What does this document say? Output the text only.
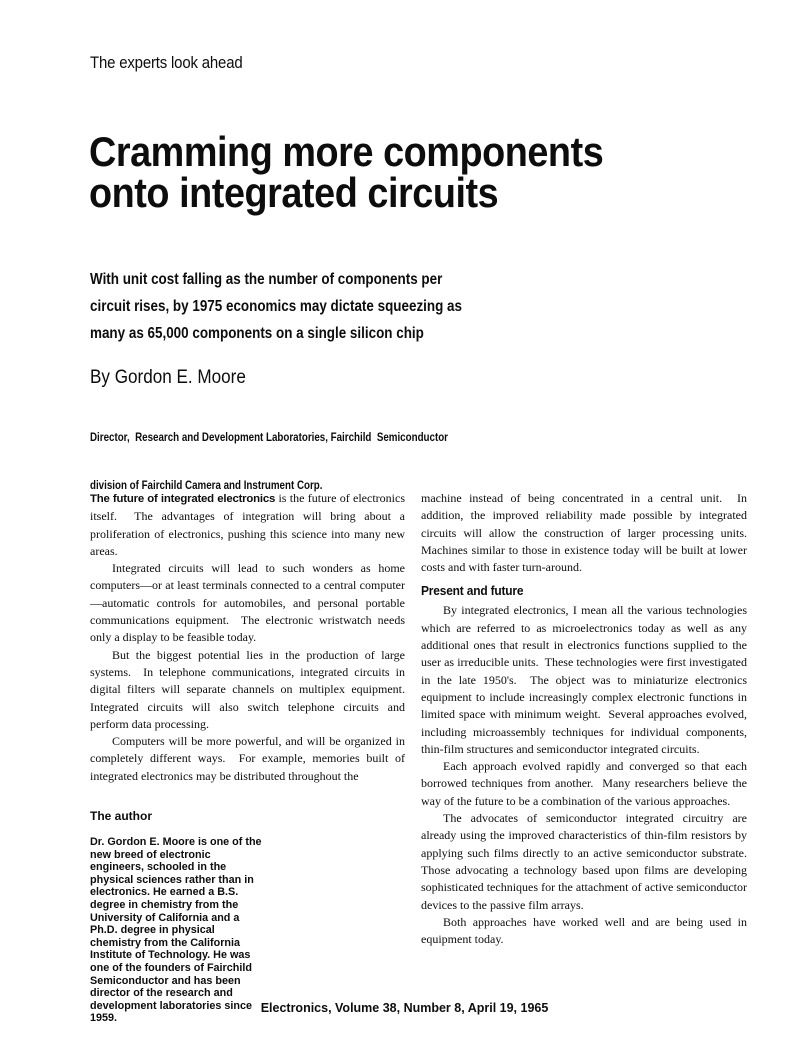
The experts look ahead
Cramming more components
onto integrated circuits
With unit cost falling as the number of components per
circuit rises, by 1975 economics may dictate squeezing as
many as 65,000 components on a single silicon chip
By Gordon E. Moore

Director,  Research and Development Laboratories, Fairchild  Semiconductor

division of Fairchild Camera and Instrument Corp.

The future of integrated electronics is the future of electronics itself.  The advantages of integration will bring about a proliferation of electronics, pushing this science into many new areas.

Integrated circuits will lead to such wonders as home computers—or at least terminals connected to a central computer—automatic controls for automobiles, and personal portable communications equipment.  The electronic wristwatch needs only a display to be feasible today.

But the biggest potential lies in the production of large systems.  In telephone communications, integrated circuits in digital filters will separate channels on multiplex equipment.  Integrated circuits will also switch telephone circuits and perform data processing.

Computers will be more powerful, and will be organized in completely different ways.  For example, memories built of integrated electronics may be distributed throughout the

The author

Dr. Gordon E. Moore is one of the new breed of electronic engineers, schooled in the physical sciences rather than in electronics. He earned a B.S. degree in chemistry from the University of California and a Ph.D. degree in physical chemistry from the California Institute of Technology. He was one of the founders of Fairchild Semiconductor and has been director of the research and development laboratories since 1959.

machine instead of being concentrated in a central unit.  In addition, the improved reliability made possible by integrated circuits will allow the construction of larger processing units.  Machines similar to those in existence today will be built at lower costs and with faster turn-around.

Present and future

By integrated electronics, I mean all the various technologies which are referred to as microelectronics today as well as any additional ones that result in electronics functions supplied to the user as irreducible units.  These technologies were first investigated in the late 1950's.  The object was to miniaturize electronics equipment to include increasingly complex electronic functions in limited space with minimum weight.  Several approaches evolved, including microassembly techniques for individual components, thin-film structures and semiconductor integrated circuits.

Each approach evolved rapidly and converged so that each borrowed techniques from another.  Many researchers believe the way of the future to be a combination of the various approaches.

The advocates of semiconductor integrated circuitry are already using the improved characteristics of thin-film resistors by applying such films directly to an active semiconductor substrate.  Those advocating a technology based upon films are developing sophisticated techniques for the attachment of active semiconductor devices to the passive film arrays.

Both approaches have worked well and are being used in equipment today.

Electronics, Volume 38, Number 8, April 19, 1965
